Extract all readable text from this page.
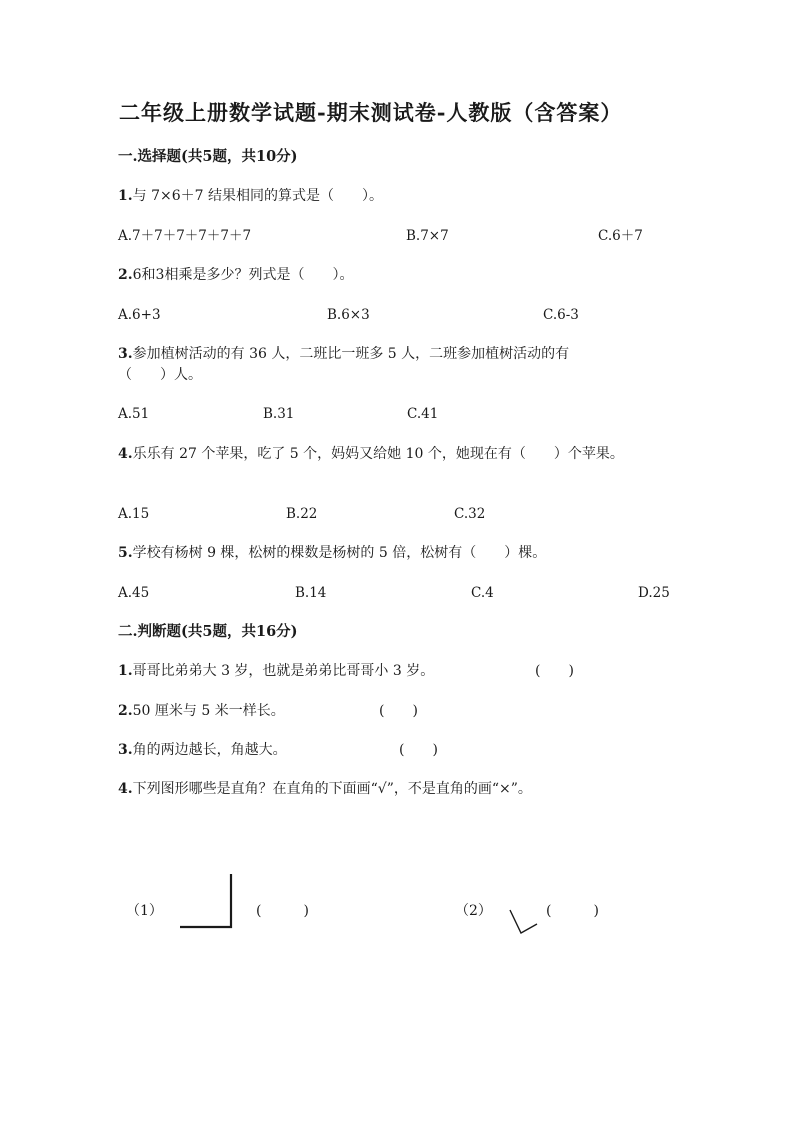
二年级上册数学试题-期末测试卷-人教版（含答案）
一.选择题(共5题，共10分)
1.与 7×6＋7 结果相同的算式是（　　）。
A.7＋7＋7＋7＋7＋7	B.7×7	C.6＋7
2.6和3相乘是多少？列式是（　　）。
A.6+3	B.6×3	C.6-3
3.参加植树活动的有 36 人，二班比一班多 5 人，二班参加植树活动的有
（　　）人。
A.51	B.31	C.41
4.乐乐有 27 个苹果，吃了 5 个，妈妈又给她 10 个，她现在有（　　）个苹果。
A.15	B.22	C.32
5.学校有杨树 9 棵，松树的棵数是杨树的 5 倍，松树有（　　）棵。
A.45	B.14	C.4	D.25
二.判断题(共5题，共16分)
1.哥哥比弟弟大 3 岁，也就是弟弟比哥哥小 3 岁。	(　　)
2.50 厘米与 5 米一样长。	(　　)
3.角的两边越长，角越大。	(　　)
4.下列图形哪些是直角？在直角的下面画“√”，不是直角的画“×”。
（1）	(　　　)	（2）	(　　　)
